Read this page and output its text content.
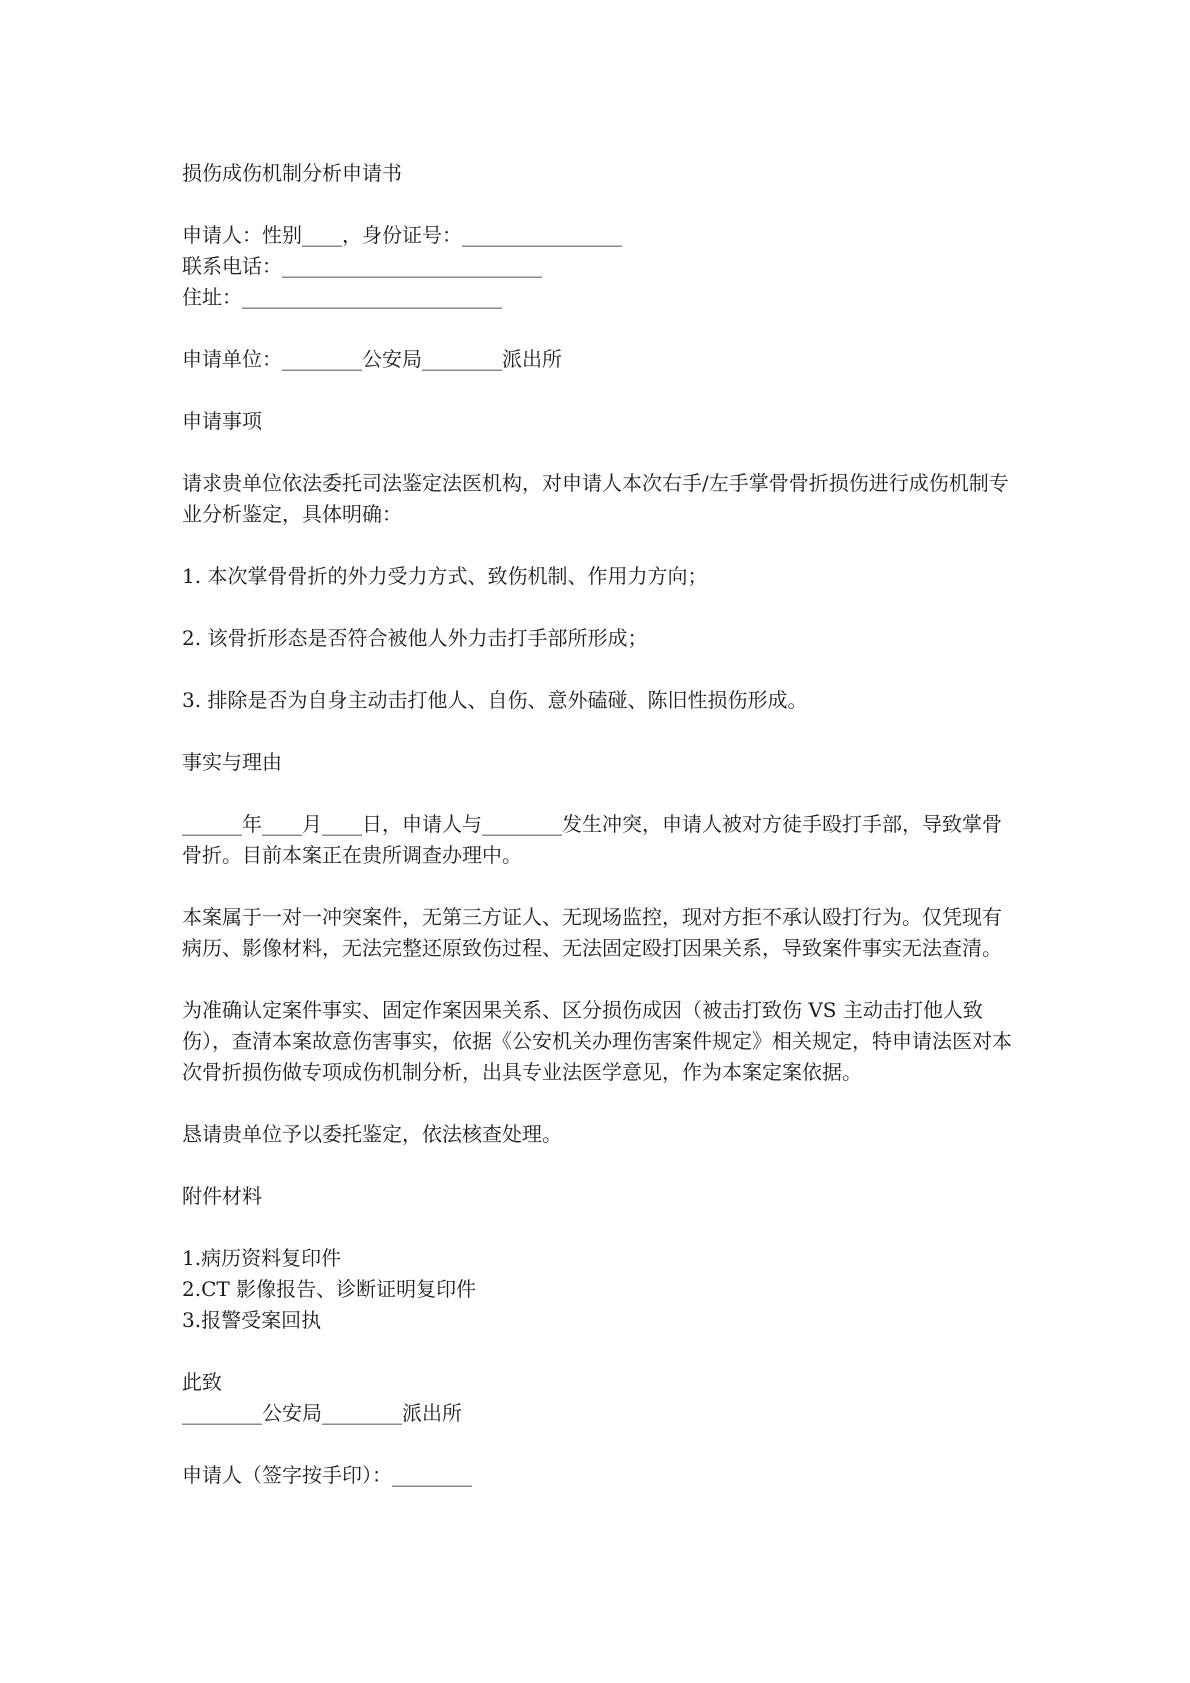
损伤成伤机制分析申请书

申请人：性别____，身份证号：________________

联系电话：__________________________

住址：__________________________

申请单位：________公安局________派出所

申请事项

请求贵单位依法委托司法鉴定法医机构，对申请人本次右手/左手掌骨骨折损伤进行成伤机制专业分析鉴定，具体明确：

1. 本次掌骨骨折的外力受力方式、致伤机制、作用力方向；

2. 该骨折形态是否符合被他人外力击打手部所形成；

3. 排除是否为自身主动击打他人、自伤、意外磕碰、陈旧性损伤形成。

事实与理由

______年____月____日，申请人与________发生冲突，申请人被对方徒手殴打手部，导致掌骨骨折。目前本案正在贵所调查办理中。

本案属于一对一冲突案件，无第三方证人、无现场监控，现对方拒不承认殴打行为。仅凭现有病历、影像材料，无法完整还原致伤过程、无法固定殴打因果关系，导致案件事实无法查清。

为准确认定案件事实、固定作案因果关系、区分损伤成因（被击打致伤 VS 主动击打他人致伤），查清本案故意伤害事实，依据《公安机关办理伤害案件规定》相关规定，特申请法医对本次骨折损伤做专项成伤机制分析，出具专业法医学意见，作为本案定案依据。

恳请贵单位予以委托鉴定，依法核查处理。

附件材料

1.病历资料复印件

2.CT 影像报告、诊断证明复印件

3.报警受案回执

此致

________公安局________派出所

申请人（签字按手印）：________
